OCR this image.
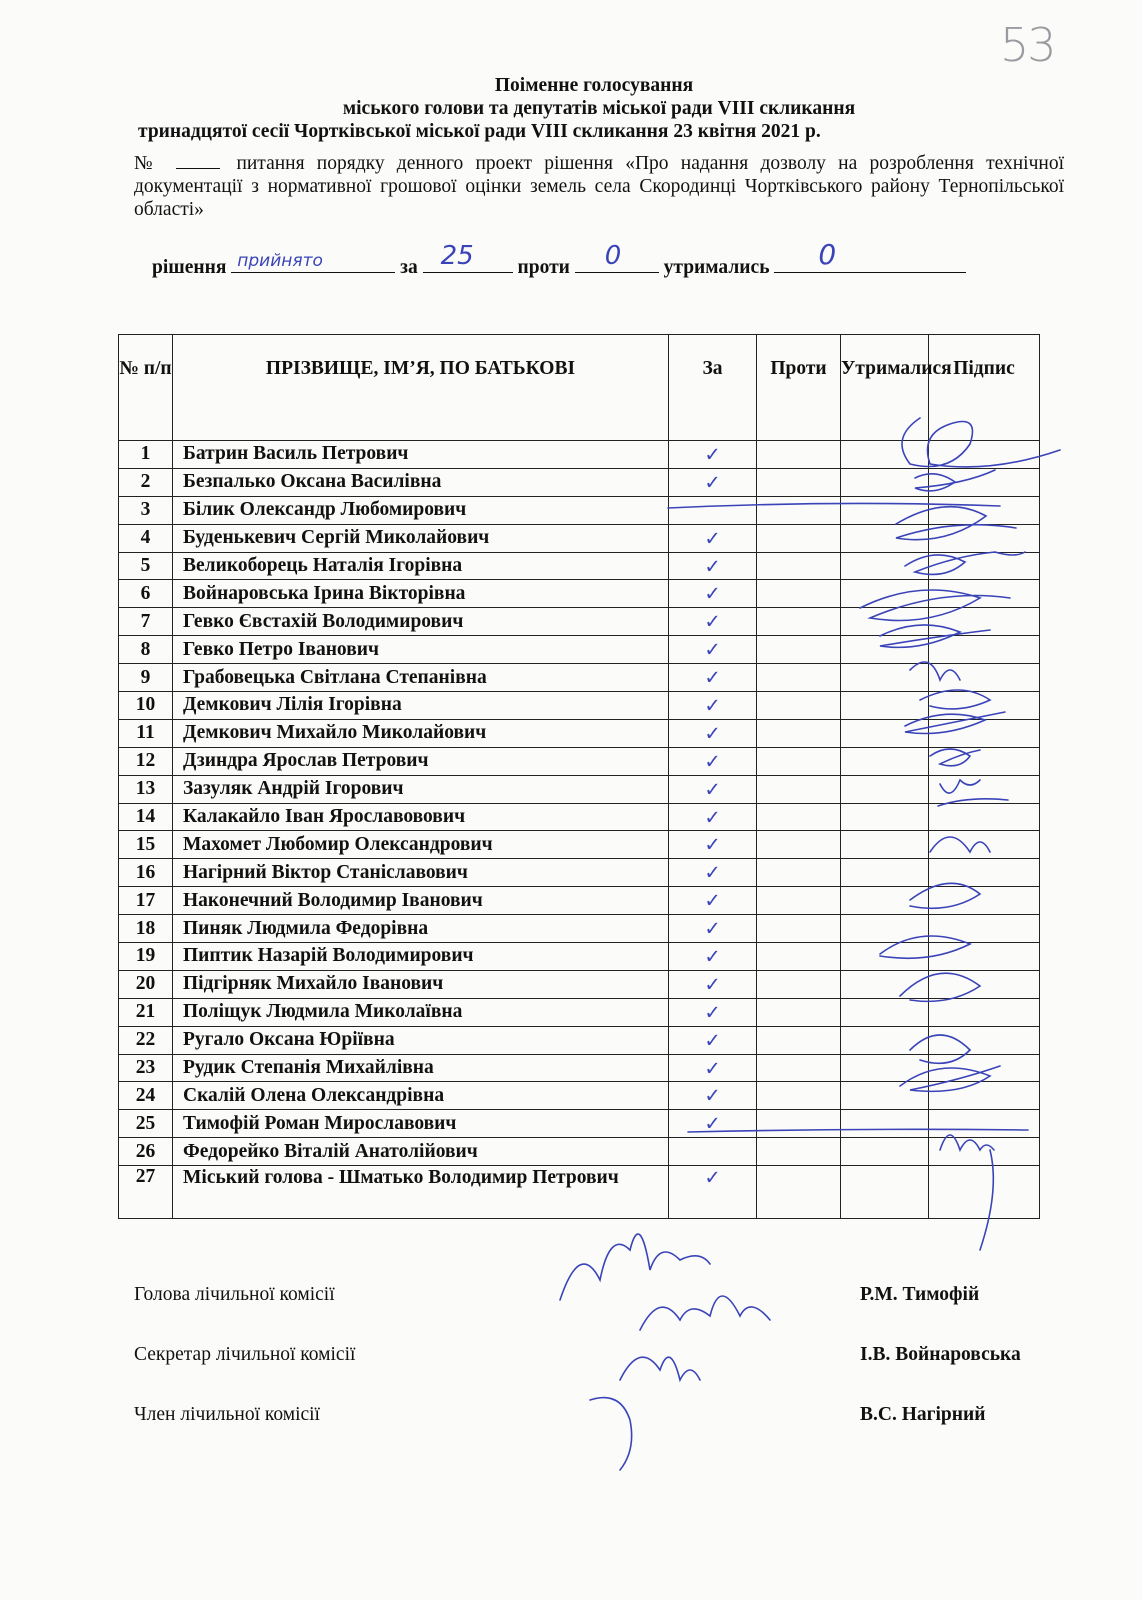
53
Поіменне голосування
міського голови та депутатів міської ради VIII скликання
тринадцятої сесії Чортківської міської ради VIII скликання 23 квітня 2021 р.
№	питання порядку денного проект рішення «Про надання дозволу на розроблення технічної документації з нормативної грошової оцінки земель села Скородинці Чортківського району Тернопільської області»
рішення прийнято	за 25 проти 0 утримались 0
№ п/п	ПРІЗВИЩЕ, ІМ’Я, ПО БАТЬКОВІ	За	Проти	Утрималися	Підпис
1	Батрин Василь Петрович	✓			
2	Безпалько Оксана Василівна	✓			
3	Білик Олександр Любомирович				
4	Буденькевич Сергій Миколайович	✓			
5	Великоборець Наталія Ігорівна	✓			
6	Войнаровська Ірина Вікторівна	✓			
7	Гевко Євстахій Володимирович	✓			
8	Гевко Петро Іванович	✓			
9	Грабовецька Світлана Степанівна	✓			
10	Демкович Лілія Ігорівна	✓			
11	Демкович Михайло Миколайович	✓			
12	Дзиндра Ярослав Петрович	✓			
13	Зазуляк Андрій Ігорович	✓			
14	Калакайло Іван Ярославовович	✓			
15	Махомет Любомир Олександрович	✓			
16	Нагірний Віктор Станіславович	✓			
17	Наконечний Володимир Іванович	✓			
18	Пиняк Людмила Федорівна	✓			
19	Пиптик Назарій Володимирович	✓			
20	Підгірняк Михайло Іванович	✓			
21	Поліщук Людмила Миколаївна	✓			
22	Ругало Оксана Юріївна	✓			
23	Рудик Степанія Михайлівна	✓			
24	Скалій Олена Олександрівна	✓			
25	Тимофій Роман Мирославович	✓			
26	Федорейко Віталій Анатолійович				
27	Міський голова - Шматько Володимир Петрович	✓			
Голова лічильної комісії	Р.М. Тимофій
Секретар лічильної комісії	І.В. Войнаровська
Член лічильної комісії	В.С. Нагірний
